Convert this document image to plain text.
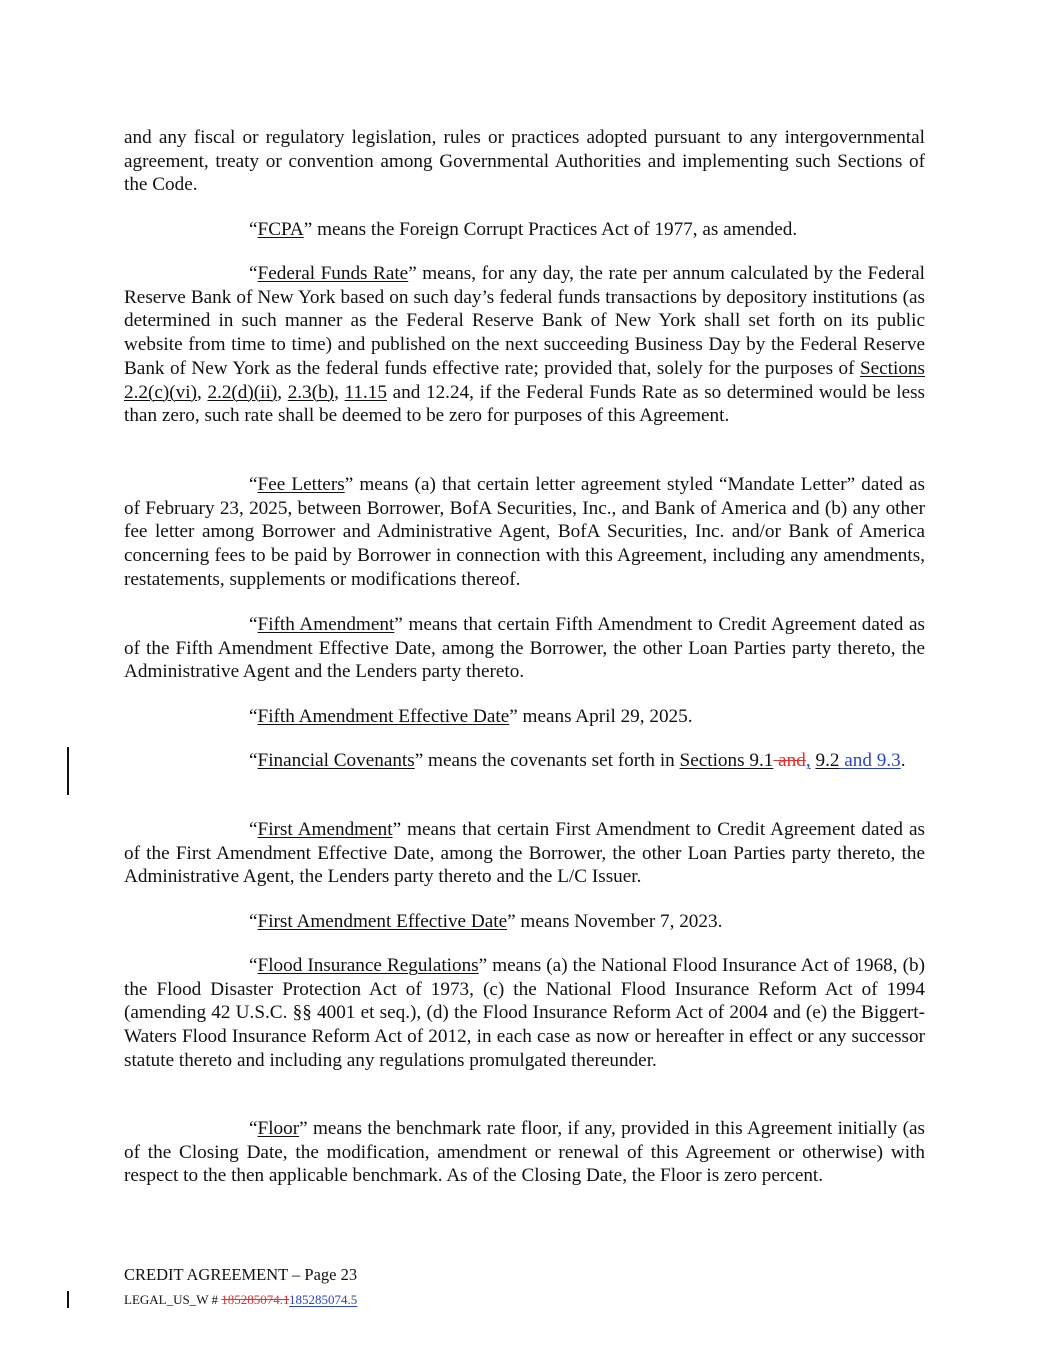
and any fiscal or regulatory legislation, rules or practices adopted pursuant to any intergovernmental agreement, treaty or convention among Governmental Authorities and implementing such Sections of the Code.

“FCPA” means the Foreign Corrupt Practices Act of 1977, as amended.

“Federal Funds Rate” means, for any day, the rate per annum calculated by the Federal Reserve Bank of New York based on such day’s federal funds transactions by depository institutions (as determined in such manner as the Federal Reserve Bank of New York shall set forth on its public website from time to time) and published on the next succeeding Business Day by the Federal Reserve Bank of New York as the federal funds effective rate; provided that, solely for the purposes of Sections 2.2(c)(vi), 2.2(d)(ii), 2.3(b), 11.15 and 12.24, if the Federal Funds Rate as so determined would be less than zero, such rate shall be deemed to be zero for purposes of this Agreement.

“Fee Letters” means (a) that certain letter agreement styled “Mandate Letter” dated as of February 23, 2025, between Borrower, BofA Securities, Inc., and Bank of America and (b) any other fee letter among Borrower and Administrative Agent, BofA Securities, Inc. and/or Bank of America concerning fees to be paid by Borrower in connection with this Agreement, including any amendments, restatements, supplements or modifications thereof.

“Fifth Amendment” means that certain Fifth Amendment to Credit Agreement dated as of the Fifth Amendment Effective Date, among the Borrower, the other Loan Parties party thereto, the Administrative Agent and the Lenders party thereto.

“Fifth Amendment Effective Date” means April 29, 2025.

“Financial Covenants” means the covenants set forth in Sections 9.1 and, 9.2 and 9.3.

“First Amendment” means that certain First Amendment to Credit Agreement dated as of the First Amendment Effective Date, among the Borrower, the other Loan Parties party thereto, the Administrative Agent, the Lenders party thereto and the L/C Issuer.

“First Amendment Effective Date” means November 7, 2023.

“Flood Insurance Regulations” means (a) the National Flood Insurance Act of 1968, (b) the Flood Disaster Protection Act of 1973, (c) the National Flood Insurance Reform Act of 1994 (amending 42 U.S.C. §§ 4001 et seq.), (d) the Flood Insurance Reform Act of 2004 and (e) the Biggert-Waters Flood Insurance Reform Act of 2012, in each case as now or hereafter in effect or any successor statute thereto and including any regulations promulgated thereunder.

“Floor” means the benchmark rate floor, if any, provided in this Agreement initially (as of the Closing Date, the modification, amendment or renewal of this Agreement or otherwise) with respect to the then applicable benchmark. As of the Closing Date, the Floor is zero percent.

CREDIT AGREEMENT – Page 23
LEGAL_US_W # 185285074.1185285074.5
